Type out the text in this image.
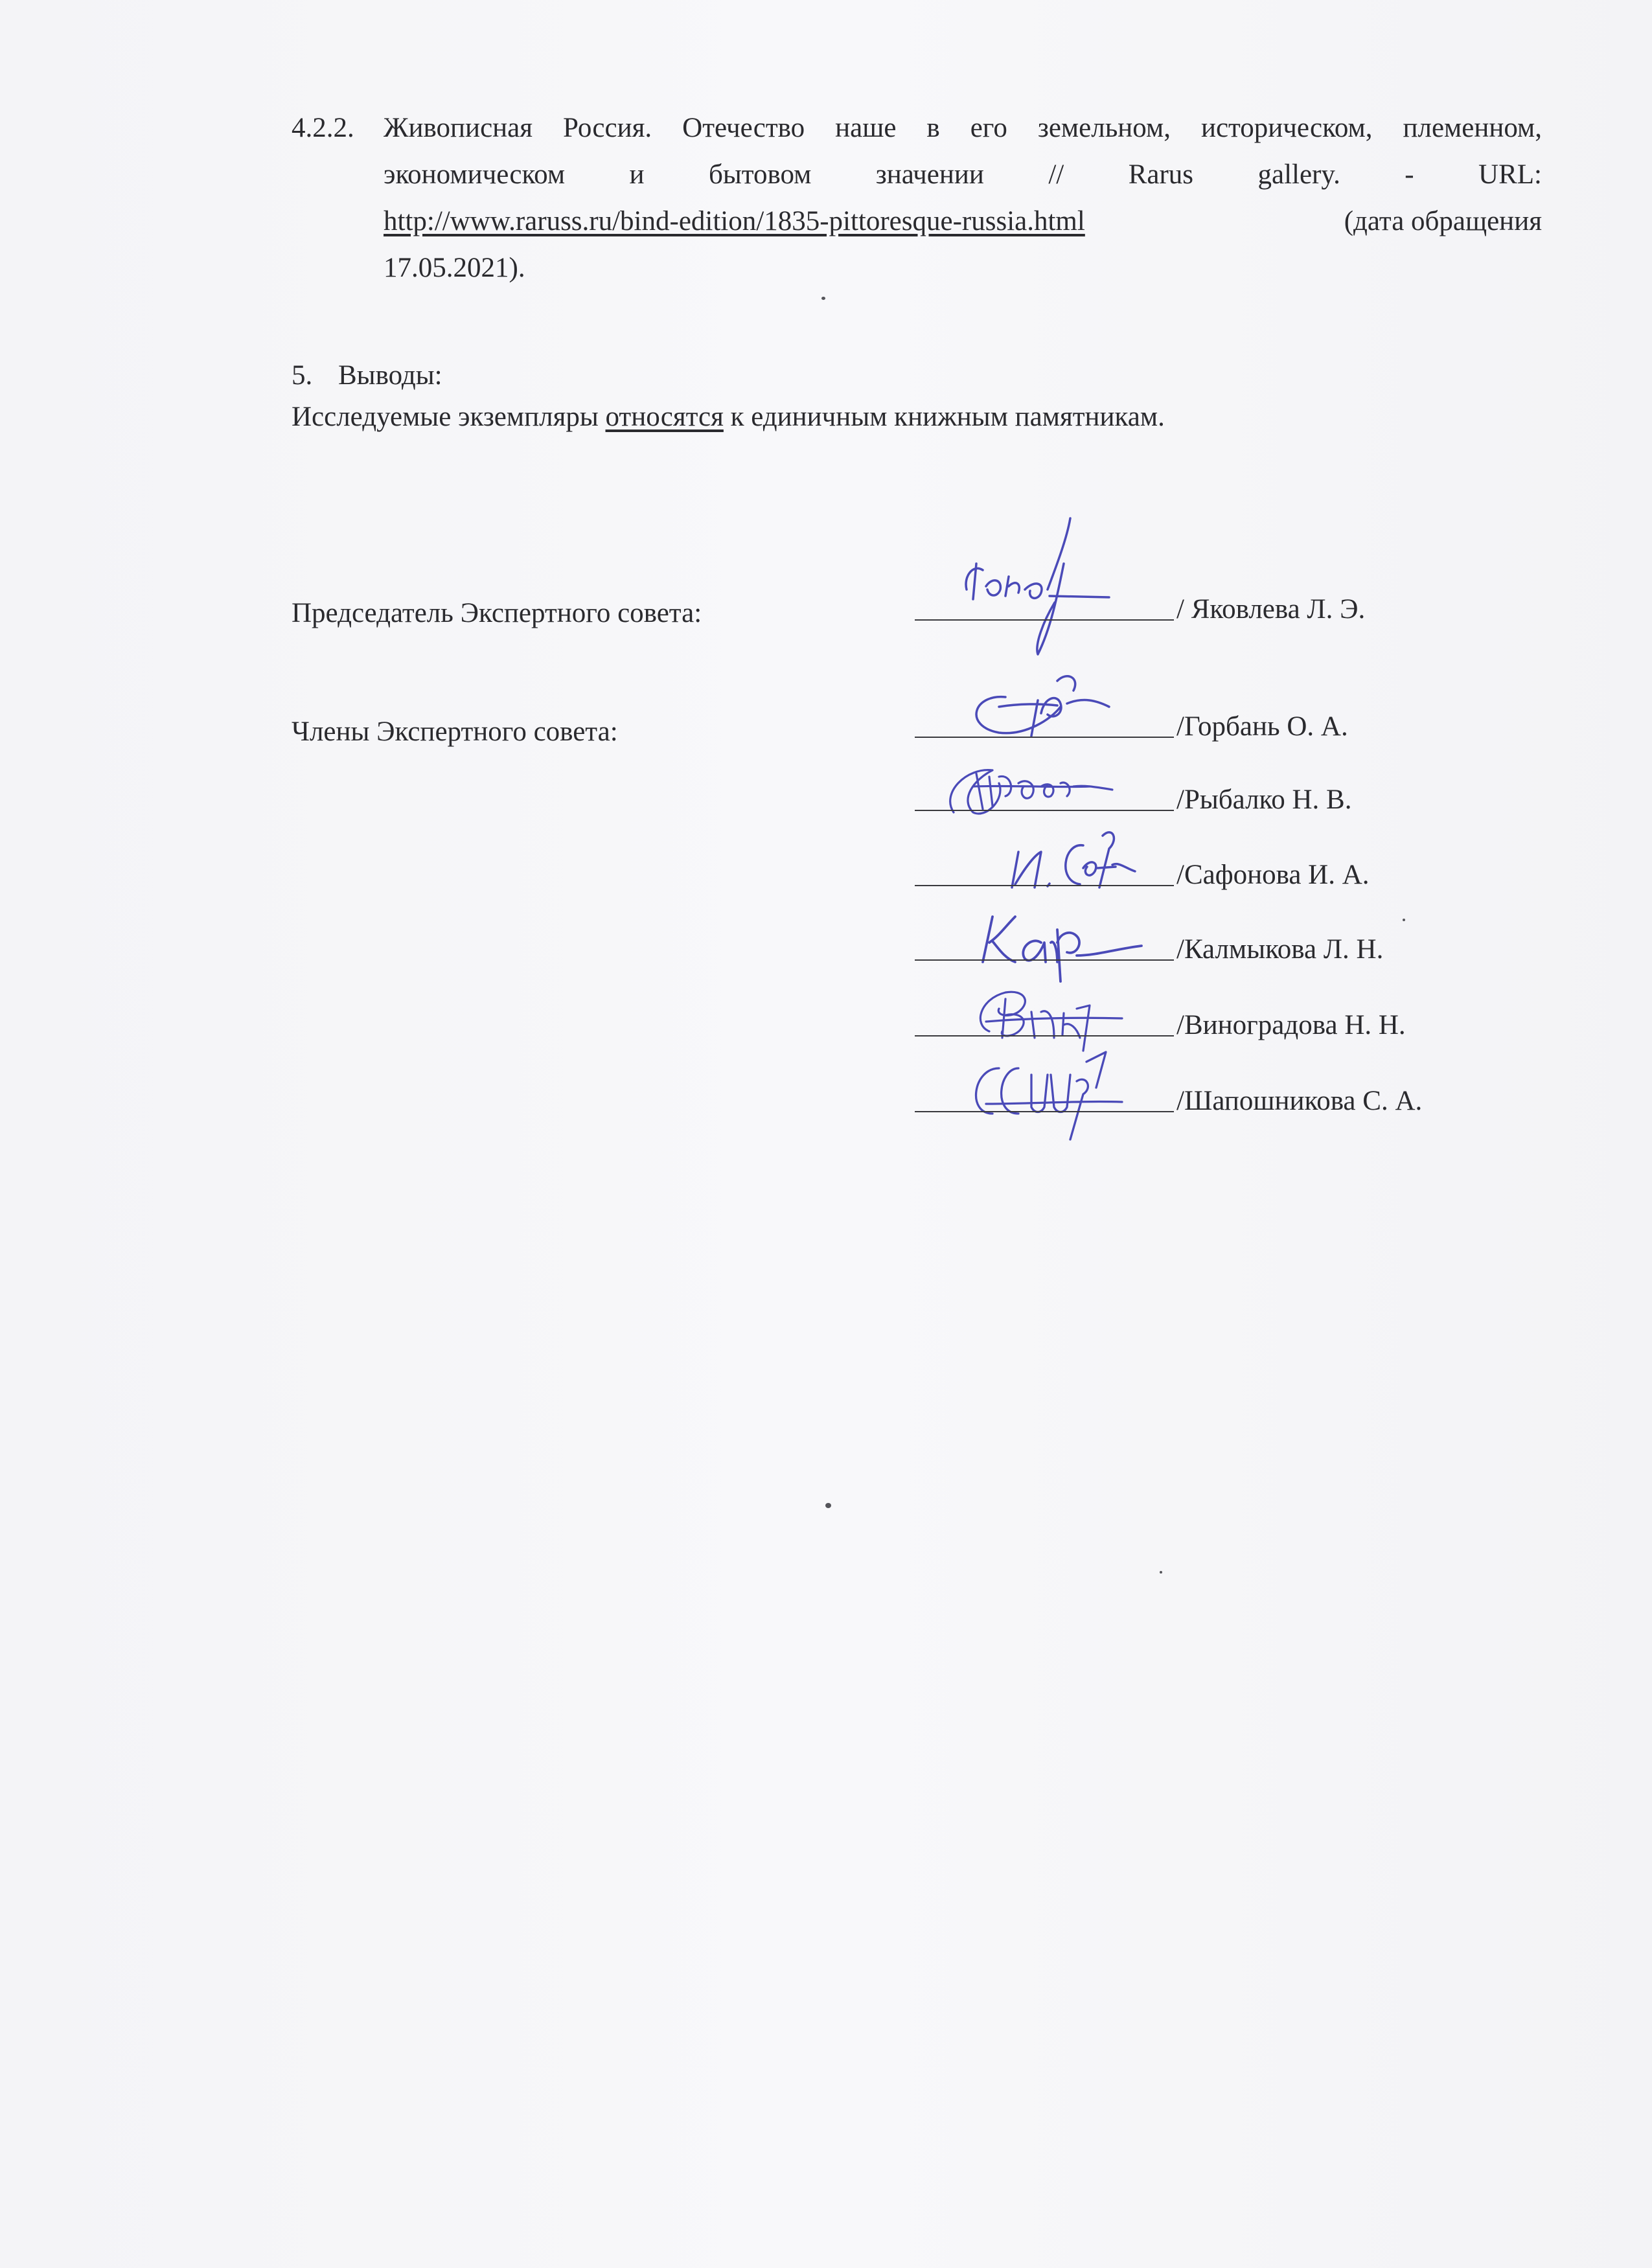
4.2.2. Живописная Россия. Отечество наше в его земельном, историческом, племенном,
экономическом и бытовом значении // Rarus gallery. - URL:
http://www.raruss.ru/bind-edition/1835-pittoresque-russia.html	(дата обращения
17.05.2021).
5. Выводы:
Исследуемые экземпляры относятся к единичным книжным памятникам.
Председатель Экспертного совета:	/ Яковлева Л. Э.
Члены Экспертного совета:	/Горбань О. А.
/Рыбалко Н. В.
/Сафонова И. А.
/Калмыкова Л. Н.
/Виноградова Н. Н.
/Шапошникова С. А.
